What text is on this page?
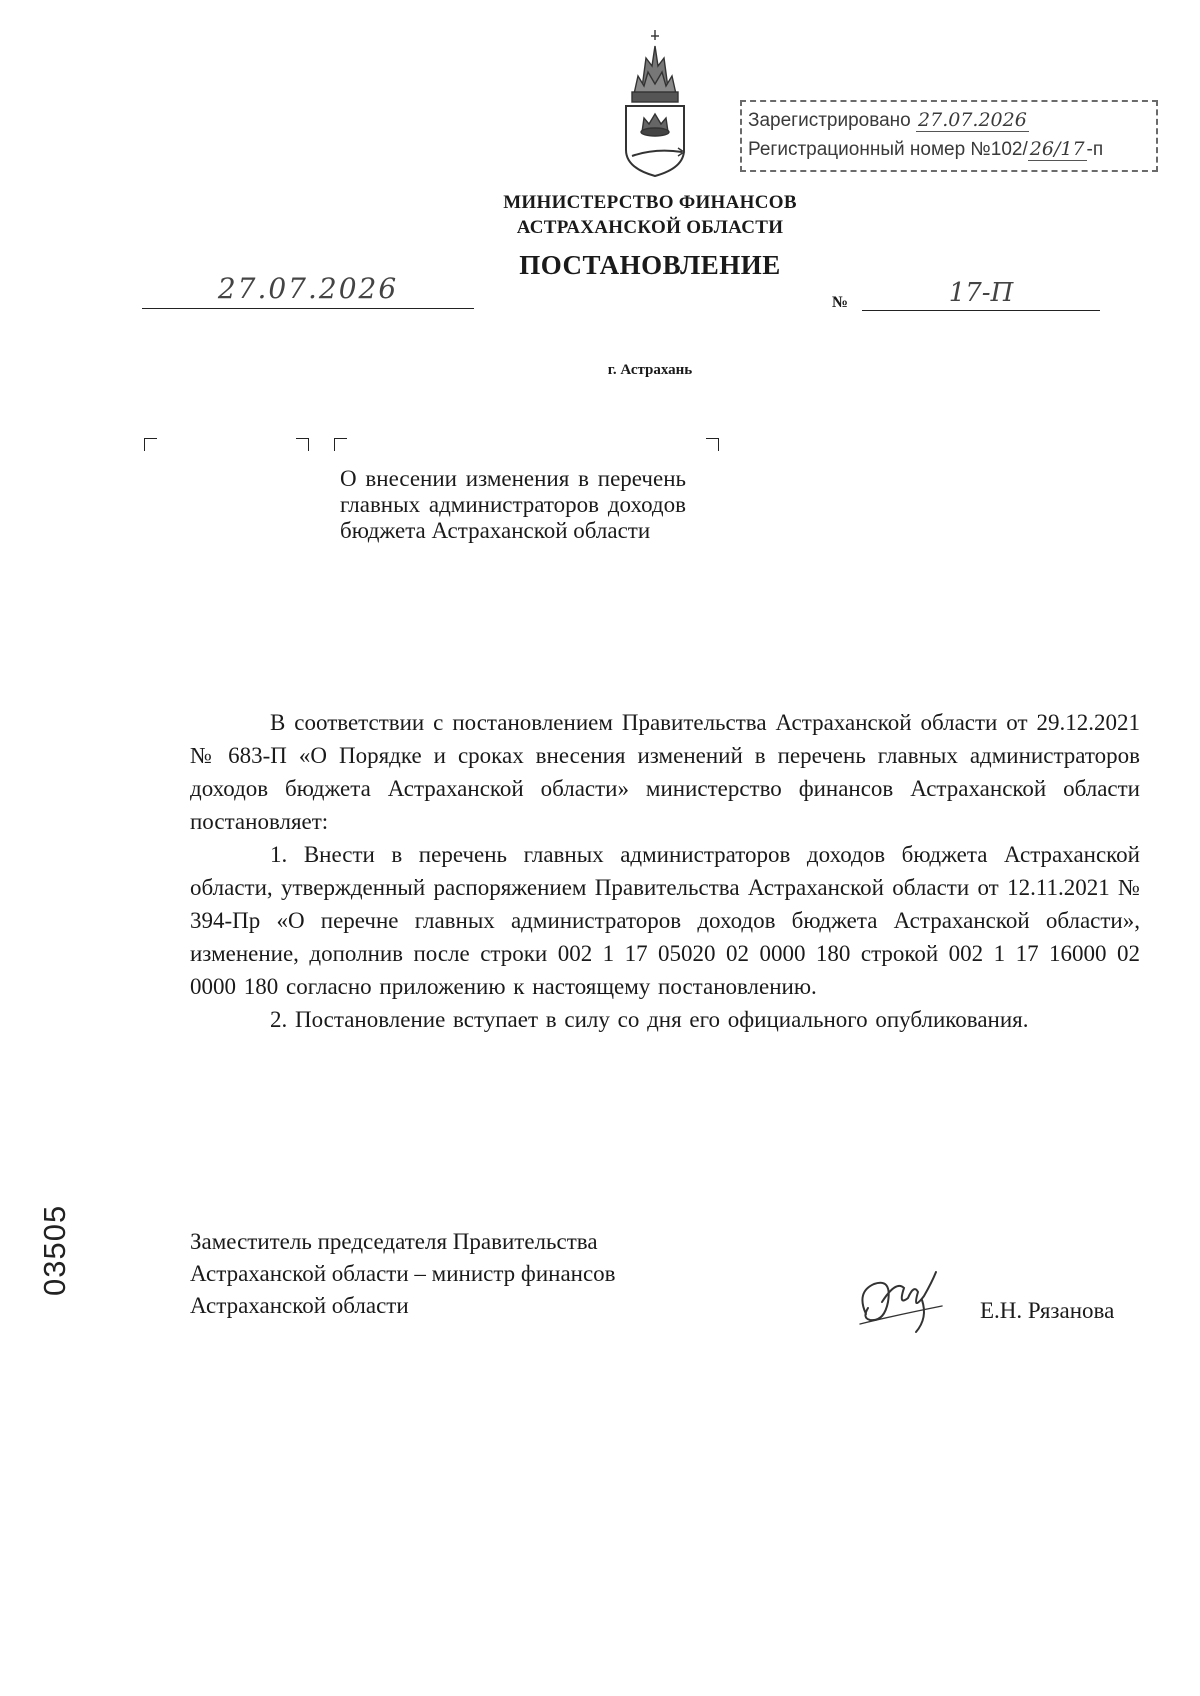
Зарегистрировано 27.07.2026
Регистрационный номер №102/ 26/17 -п
МИНИСТЕРСТВО ФИНАНСОВ
АСТРАХАНСКОЙ ОБЛАСТИ
ПОСТАНОВЛЕНИЕ
27.07.2026	№	17-П
г. Астрахань
О внесении изменения в перечень главных администраторов доходов бюджета Астраханской области

В соответствии с постановлением Правительства Астраханской области от 29.12.2021 № 683-П «О Порядке и сроках внесения изменений в перечень главных администраторов доходов бюджета Астраханской области» министерство финансов Астраханской области постановляет:

1. Внести в перечень главных администраторов доходов бюджета Астраханской области, утвержденный распоряжением Правительства Астраханской области от 12.11.2021 № 394-Пр «О перечне главных администраторов доходов бюджета Астраханской области», изменение, дополнив после строки 002 1 17 05020 02 0000 180 строкой 002 1 17 16000 02 0000 180 согласно приложению к настоящему постановлению.

2. Постановление вступает в силу со дня его официального опубликования.

Заместитель председателя Правительства
Астраханской области – министр финансов
Астраханской области	Е.Н. Рязанова
03505
